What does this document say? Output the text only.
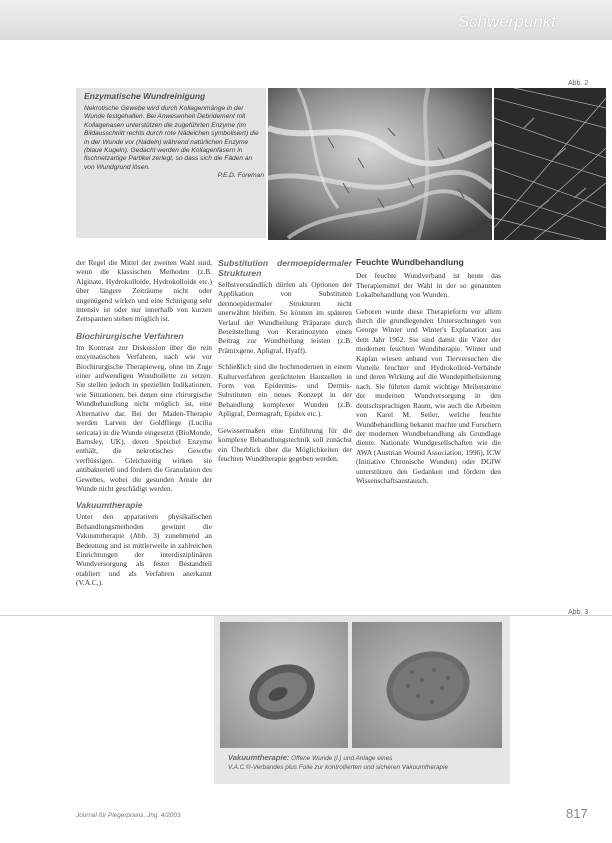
Schwerpunkt
Abb. 2
Enzymatische Wundreinigung
Nekrotische Gewebe wird durch Kollagenmänge in der Wunde festgehalten. Bei Anwesenheit Debridement mit Kollagenasen unterstützen die zugeführten Enzyme (im Bildausschnitt rechts durch rote Nädelchen symbolisiert) die in der Wunde vor (Nadeln) während natürlichen Enzyme (blaue Kugeln). Gedacht werden die Kollagenfasern in fischnetzartige Partikel zerlegt, so dass sich die Fäden an von Wundgrund lösen.
P.E.D. Foreman

der Regel die Mittel der zweiten Wahl sind, wenn die klassischen Methoden (z.B. Alginate, Hydrokolloide, Hydrokolloide etc.) über längere Zeiträume nicht oder ungenügend wirken und eine Schnigung sehr intensiv ist oder nur innerhalb von kurzen Zeitspannen stehen möglich ist.

Biochirurgische Verfahren

Im Kontrast zur Diskussion über die rein enzymatischen Verfahren, nach wie vor Biochirurgische Therapieweg, ohne im Zuge einer aufwendigen Wundtoilette zu setzen. Sie stellen jedoch in speziellen Indikationen, wie Situationen, bei denen eine chirurgische Wundbehandlung nicht möglich ist, eine Alternative dar. Bei der Maden-Therapie werden Larven der Goldfliege (Lucilia sericata) in die Wunde eingesetzt (BioMonde, Barnsley, UK), deren Speichel Enzyme enthält, die nekrotisches Gewebe verflüssigen. Gleichzeitig wirken sie antibakteriell und fördern die Granulation des Gewebes, wobei die gesunden Areale der Wunde nicht geschädigt werden.

Vakuumtherapie

Unter den apparativen physikalischen Behandlungsmethoden gewinnt die Vakuumtherapie (Abb. 3) zunehmend an Bedeutung und ist mittlerweile in zahlreichen Einrichtungen der interdisziplinären Wundversorgung als fester Bestandteil etabliert und als Verfahren anerkannt (V.A.C.).

Substitution dermoepidermaler Strukturen

Selbstverständlich dürfen als Optionen der Applikation von Substituten dermoepidermaler Strukturen nicht unerwähnt bleiben. So können im späteren Verlauf der Wundheilung Präparate durch Bereitstellung von Keratinozyten einen Beitrag zur Wundheilung leisten (z.B. Prämixgene, Apligraf, Hyaff).

Schließlich sind die hochmodernen in einem Kulturverfahren gezüchteten Hautzellen in Form von Epidermis- und Dermis-Substituten ein neues Konzept in der Behandlung komplexer Wunden (z.B. Apligraf, Dermagraft, Epidex etc.).

Gewissermaßen eine Einführung für die komplexe Behandlungstechnik soll zunächst ein Überblick über die Möglichkeiten der feuchten Wundtherapie gegeben werden.

Feuchte Wundbehandlung

Der feuchte Wundverband ist heute das Therapiemittel der Wahl in der so genannten Lokalbehandlung von Wunden.

Geboren wurde diese Therapieform vor allem durch die grundlegenden Untersuchungen von George Winter und Winter's Explanation aus dem Jahr 1962. Sie sind damit die Väter der modernen feuchten Wundtherapie. Winter und Kaplan wiesen anhand von Tierversuchen die Vorteile feuchter und Hydrokolloid-Verbände und deren Wirkung auf die Wundepithelisierung nach. Sie führten damit wichtige Meilensteine der modernen Wundversorgung in den deutschsprachigen Raum, wie auch die Arbeiten von Karel M. Seiler, welche feuchte Wundbehandlung bekannt machte und Forschern der modernen Wundbehandlung als Grundlage diente. Nationale Wundgesellschaften wie die AWA (Austrian Wound Association, 1996), ICW (Initiative Chronische Wunden) oder DGfW unterstützen den Gedanken und fördern den Wissenschaftsaustausch.

Abb. 3
Vakuumtherapie: Offene Wunde (l.) und Anlage eines
V.A.C.®-Verbandes plus Folie zur kontrollierten und sicheren Vakuumtherapie
Journal für Plegerpraxis, Jhg. 4/2003	817
